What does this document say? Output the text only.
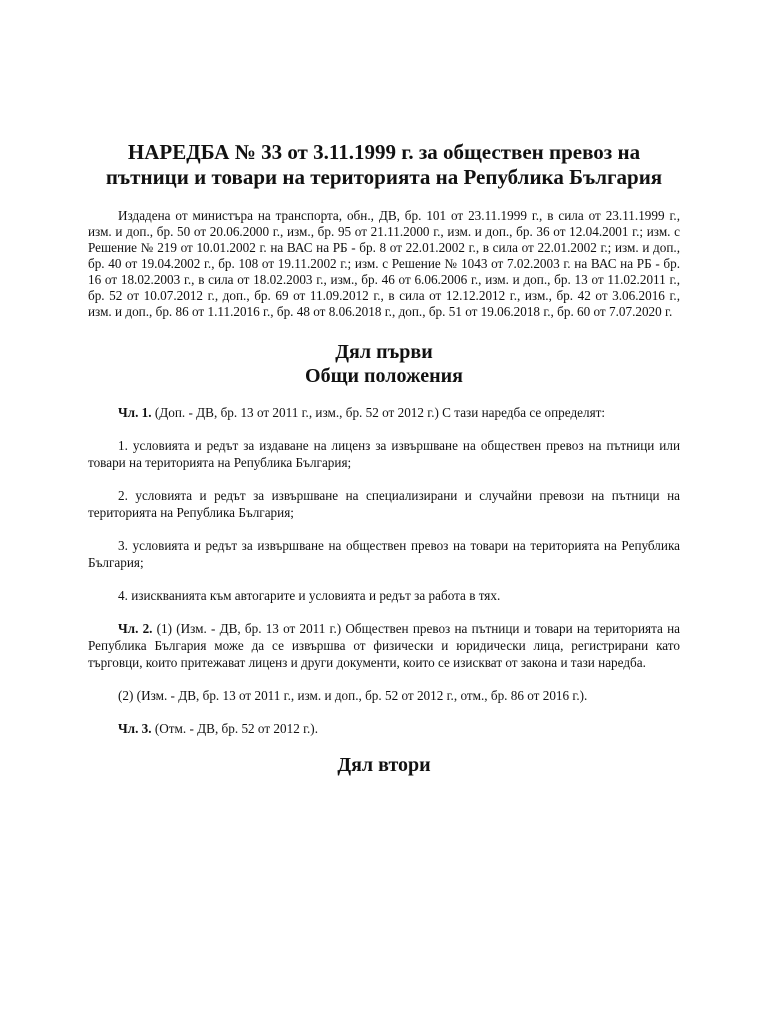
НАРЕДБА № 33 от 3.11.1999 г. за обществен превоз на пътници и товари на територията на Република България

Издадена от министъра на транспорта, обн., ДВ, бр. 101 от 23.11.1999 г., в сила от 23.11.1999 г., изм. и доп., бр. 50 от 20.06.2000 г., изм., бр. 95 от 21.11.2000 г., изм. и доп., бр. 36 от 12.04.2001 г.; изм. с Решение № 219 от 10.01.2002 г. на ВАС на РБ - бр. 8 от 22.01.2002 г., в сила от 22.01.2002 г.; изм. и доп., бр. 40 от 19.04.2002 г., бр. 108 от 19.11.2002 г.; изм. с Решение № 1043 от 7.02.2003 г. на ВАС на РБ - бр. 16 от 18.02.2003 г., в сила от 18.02.2003 г., изм., бр. 46 от 6.06.2006 г., изм. и доп., бр. 13 от 11.02.2011 г., бр. 52 от 10.07.2012 г., доп., бр. 69 от 11.09.2012 г., в сила от 12.12.2012 г., изм., бр. 42 от 3.06.2016 г., изм. и доп., бр. 86 от 1.11.2016 г., бр. 48 от 8.06.2018 г., доп., бр. 51 от 19.06.2018 г., бр. 60 от 7.07.2020 г.

Дял първи
Общи положения

Чл. 1. (Доп. - ДВ, бр. 13 от 2011 г., изм., бр. 52 от 2012 г.) С тази наредба се определят:

1. условията и редът за издаване на лиценз за извършване на обществен превоз на пътници или товари на територията на Република България;

2. условията и редът за извършване на специализирани и случайни превози на пътници на територията на Република България;

3. условията и редът за извършване на обществен превоз на товари на територията на Република България;

4. изискванията към автогарите и условията и редът за работа в тях.

Чл. 2. (1) (Изм. - ДВ, бр. 13 от 2011 г.) Обществен превоз на пътници и товари на територията на Република България може да се извършва от физически и юридически лица, регистрирани като търговци, които притежават лиценз и други документи, които се изискват от закона и тази наредба.

(2) (Изм. - ДВ, бр. 13 от 2011 г., изм. и доп., бр. 52 от 2012 г., отм., бр. 86 от 2016 г.).

Чл. 3. (Отм. - ДВ, бр. 52 от 2012 г.).

Дял втори
